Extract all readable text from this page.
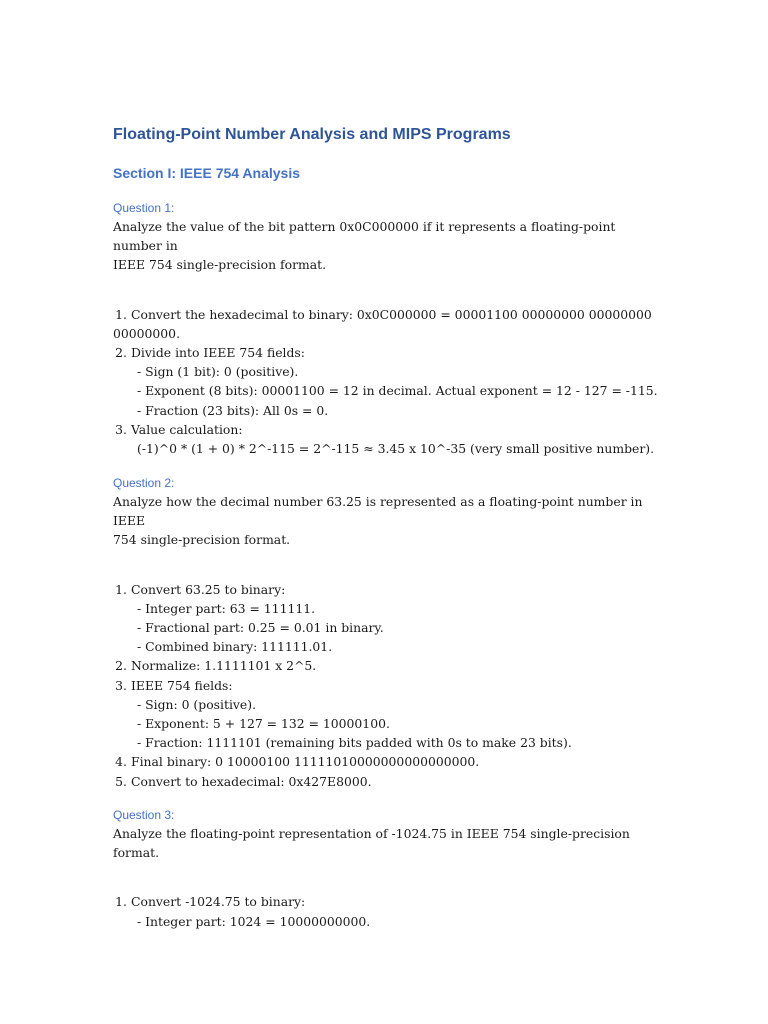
Floating-Point Number Analysis and MIPS Programs
Section I: IEEE 754 Analysis
Question 1:
Analyze the value of the bit pattern 0x0C000000 if it represents a floating-point number in
IEEE 754 single-precision format.
1. Convert the hexadecimal to binary: 0x0C000000 = 00001100 00000000 00000000
00000000.
2. Divide into IEEE 754 fields:
- Sign (1 bit): 0 (positive).
- Exponent (8 bits): 00001100 = 12 in decimal. Actual exponent = 12 - 127 = -115.
- Fraction (23 bits): All 0s = 0.
3. Value calculation:
(-1)^0 * (1 + 0) * 2^-115 = 2^-115 ≈ 3.45 x 10^-35 (very small positive number).
Question 2:
Analyze how the decimal number 63.25 is represented as a floating-point number in IEEE
754 single-precision format.
1. Convert 63.25 to binary:
- Integer part: 63 = 111111.
- Fractional part: 0.25 = 0.01 in binary.
- Combined binary: 111111.01.
2. Normalize: 1.1111101 x 2^5.
3. IEEE 754 fields:
- Sign: 0 (positive).
- Exponent: 5 + 127 = 132 = 10000100.
- Fraction: 1111101 (remaining bits padded with 0s to make 23 bits).
4. Final binary: 0 10000100 11111010000000000000000.
5. Convert to hexadecimal: 0x427E8000.
Question 3:
Analyze the floating-point representation of -1024.75 in IEEE 754 single-precision format.
1. Convert -1024.75 to binary:
- Integer part: 1024 = 10000000000.
